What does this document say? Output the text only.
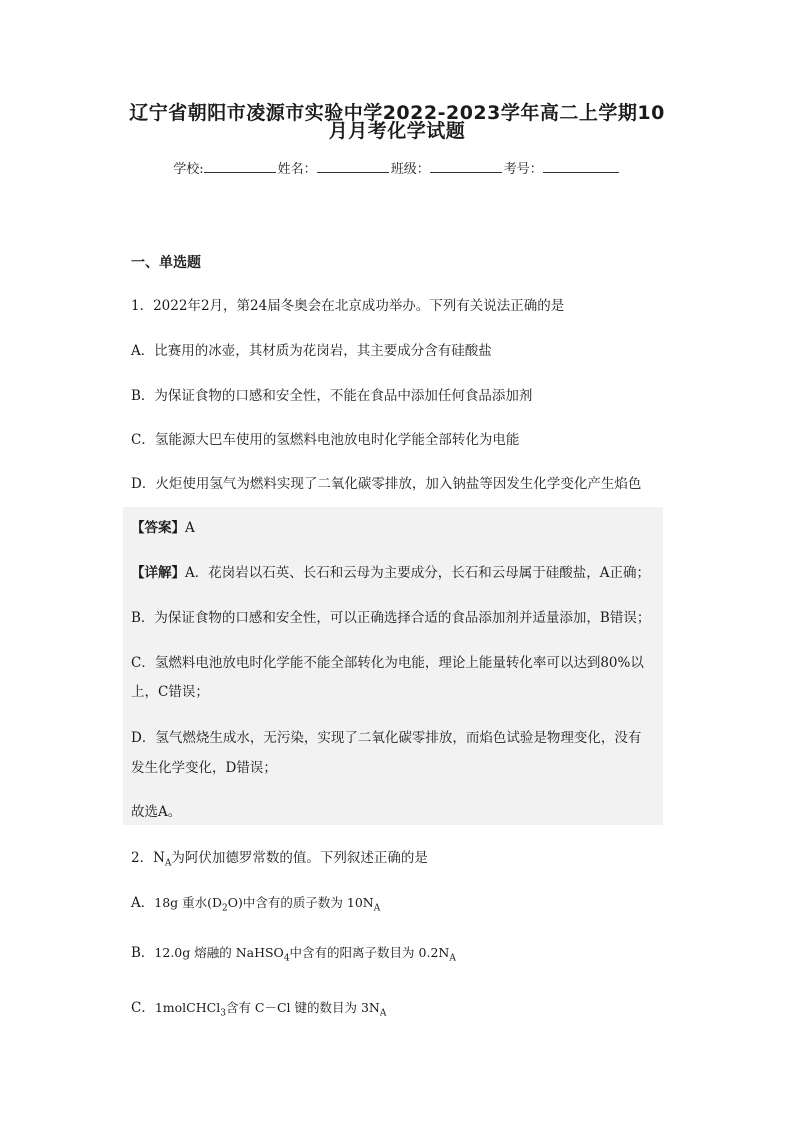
辽宁省朝阳市凌源市实验中学2022-2023学年高二上学期10
月月考化学试题
学校:	姓名：	班级：	考号：
一、单选题
1．2022年2月，第24届冬奥会在北京成功举办。下列有关说法正确的是
A．比赛用的冰壶，其材质为花岗岩，其主要成分含有硅酸盐
B．为保证食物的口感和安全性，不能在食品中添加任何食品添加剂
C．氢能源大巴车使用的氢燃料电池放电时化学能全部转化为电能
D．火炬使用氢气为燃料实现了二氧化碳零排放，加入钠盐等因发生化学变化产生焰色
【答案】A
【详解】A．花岗岩以石英、长石和云母为主要成分，长石和云母属于硅酸盐，A正确；
B．为保证食物的口感和安全性，可以正确选择合适的食品添加剂并适量添加，B错误；
C．氢燃料电池放电时化学能不能全部转化为电能，理论上能量转化率可以达到80%以
上，C错误；
D．氢气燃烧生成水，无污染，实现了二氧化碳零排放，而焰色试验是物理变化，没有
发生化学变化，D错误；
故选A。
2．$N_A$为阿伏加德罗常数的值。下列叙述正确的是
A．18g 重水$(D_2O)$中含有的质子数为 $10N_A$
B．12.0g 熔融的 NaHSO$_4$中含有的阳离子数目为 $0.2N_A$
C．1molCHCl$_3$含有 C－Cl 键的数目为 $3N_A$
